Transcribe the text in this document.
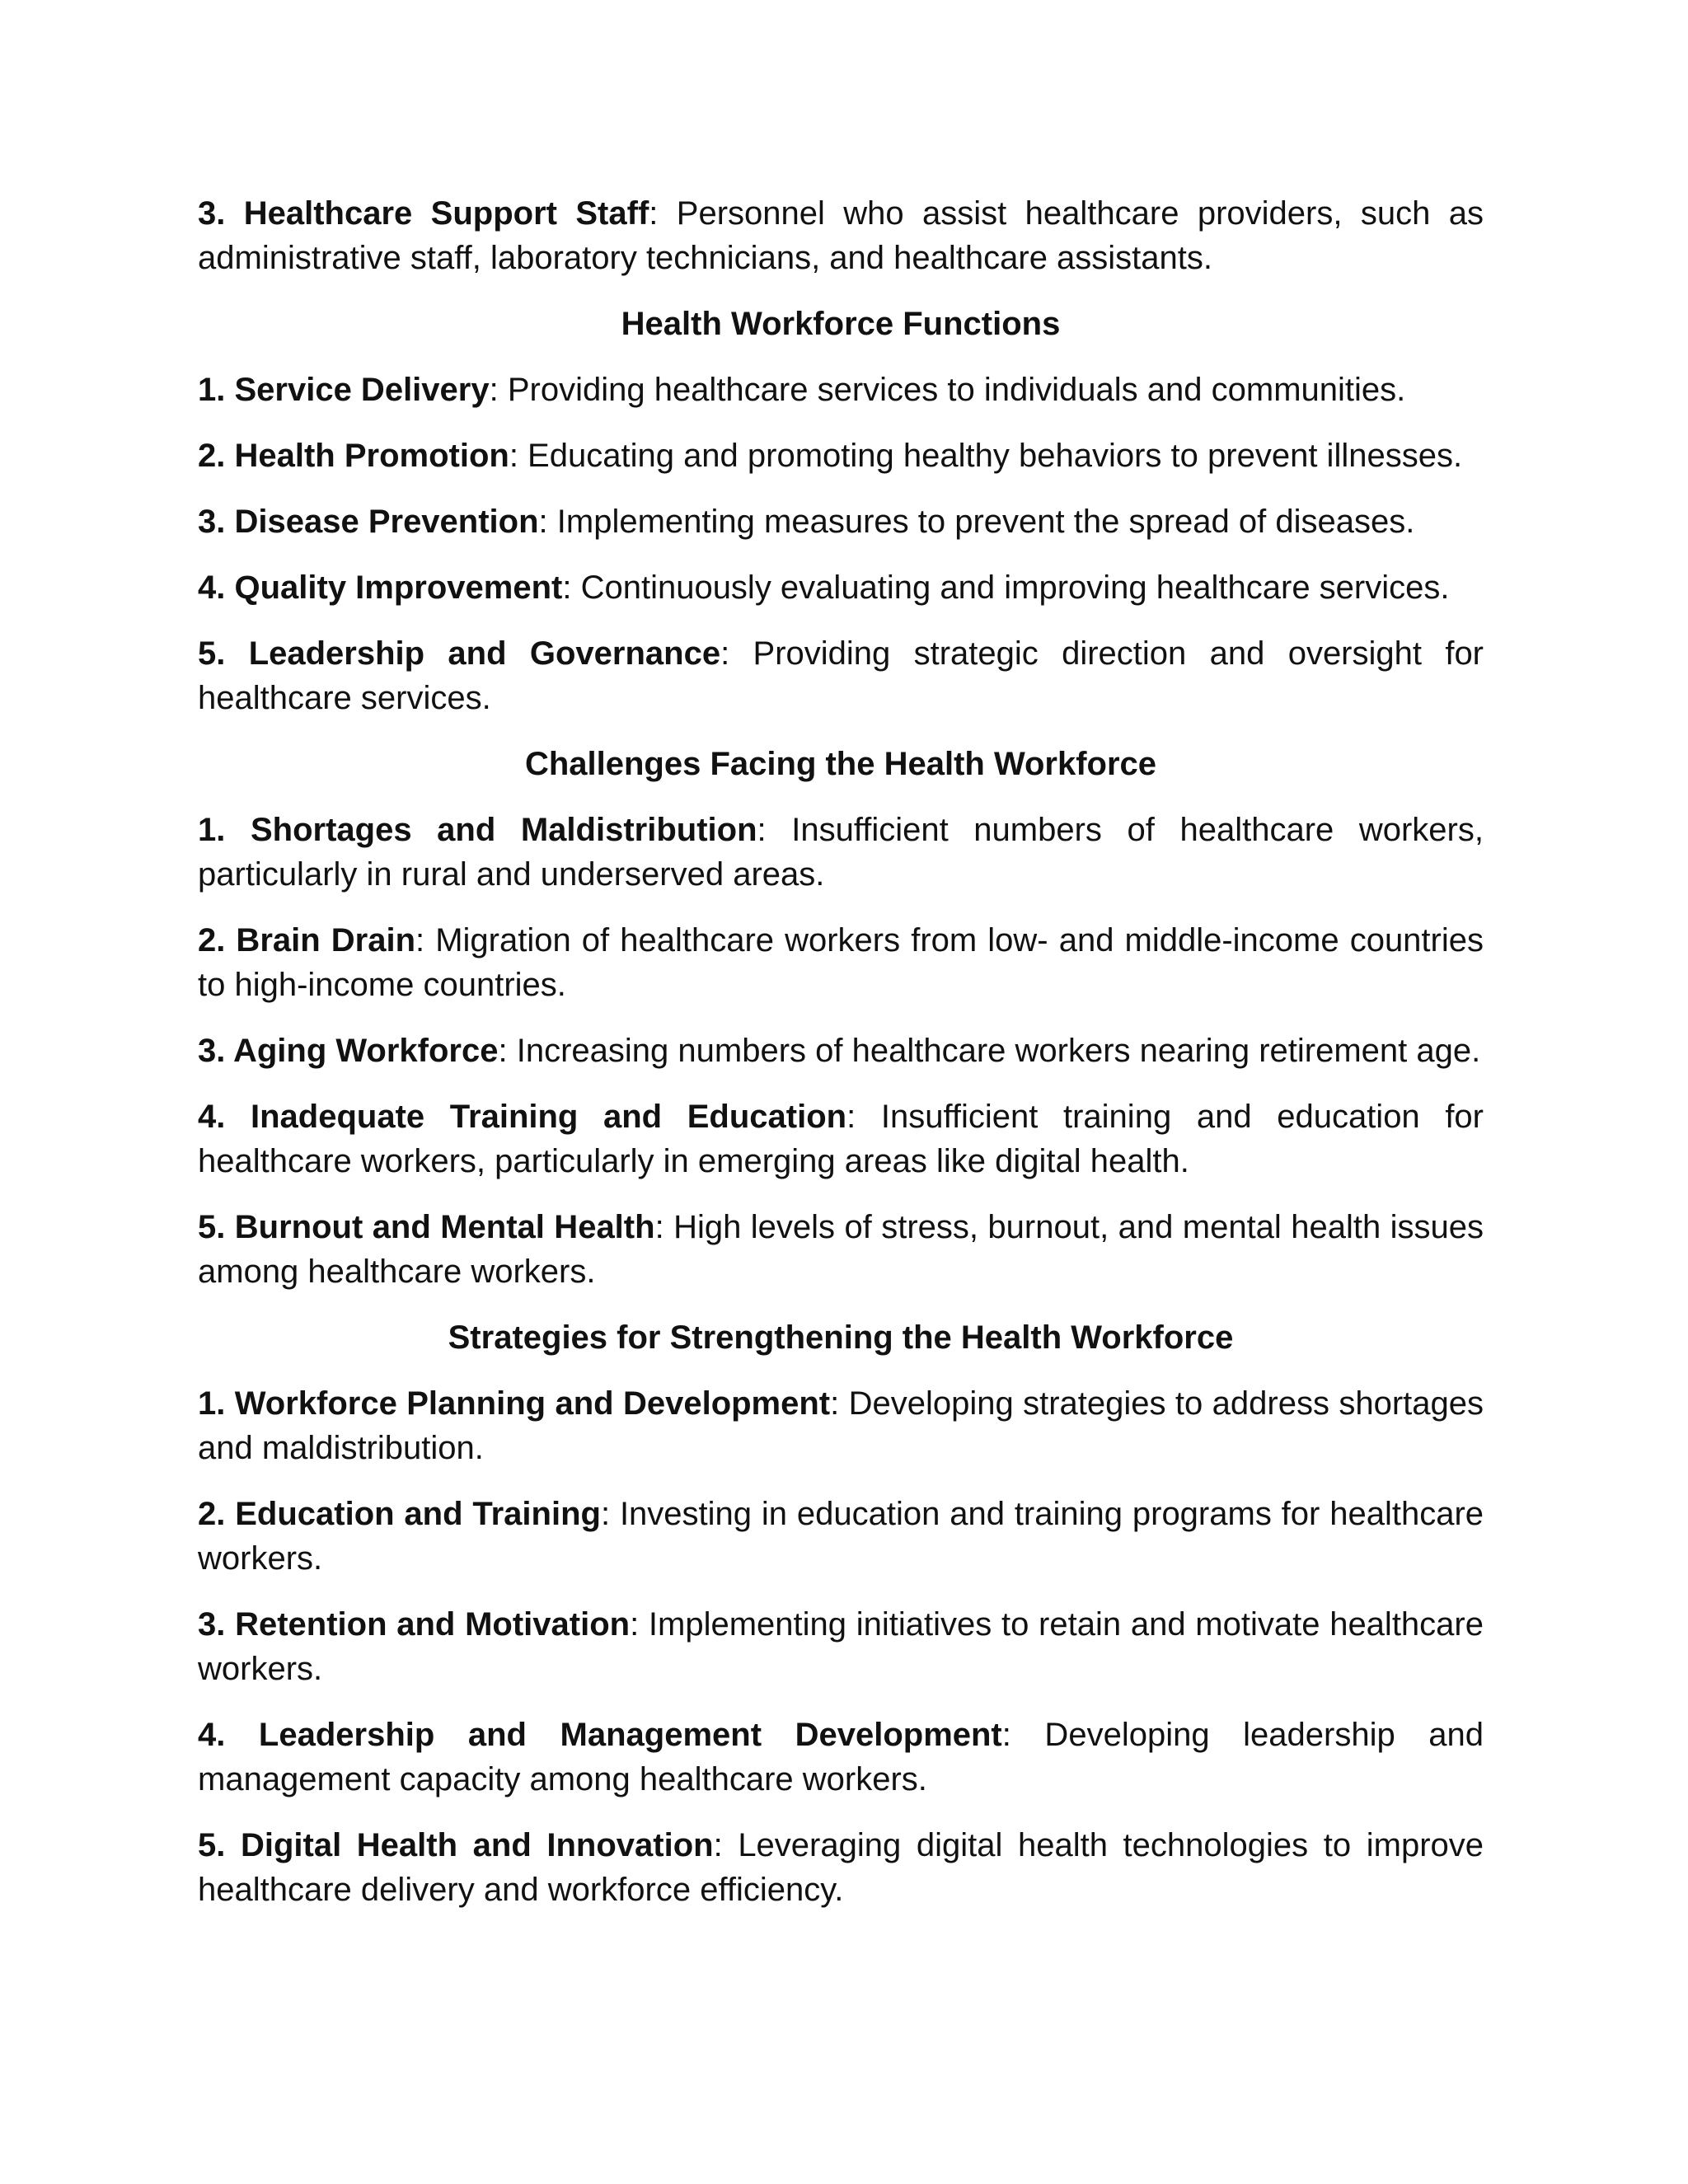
3. Healthcare Support Staff: Personnel who assist healthcare providers, such as administrative staff, laboratory technicians, and healthcare assistants.

Health Workforce Functions

1. Service Delivery: Providing healthcare services to individuals and communities.

2. Health Promotion: Educating and promoting healthy behaviors to prevent illnesses.

3. Disease Prevention: Implementing measures to prevent the spread of diseases.

4. Quality Improvement: Continuously evaluating and improving healthcare services.

5. Leadership and Governance: Providing strategic direction and oversight for healthcare services.

Challenges Facing the Health Workforce

1. Shortages and Maldistribution: Insufficient numbers of healthcare workers, particularly in rural and underserved areas.

2. Brain Drain: Migration of healthcare workers from low- and middle-income countries to high-income countries.

3. Aging Workforce: Increasing numbers of healthcare workers nearing retirement age.

4. Inadequate Training and Education: Insufficient training and education for healthcare workers, particularly in emerging areas like digital health.

5. Burnout and Mental Health: High levels of stress, burnout, and mental health issues among healthcare workers.

Strategies for Strengthening the Health Workforce

1. Workforce Planning and Development: Developing strategies to address shortages and maldistribution.

2. Education and Training: Investing in education and training programs for healthcare workers.

3. Retention and Motivation: Implementing initiatives to retain and motivate healthcare workers.

4. Leadership and Management Development: Developing leadership and management capacity among healthcare workers.

5. Digital Health and Innovation: Leveraging digital health technologies to improve healthcare delivery and workforce efficiency.
